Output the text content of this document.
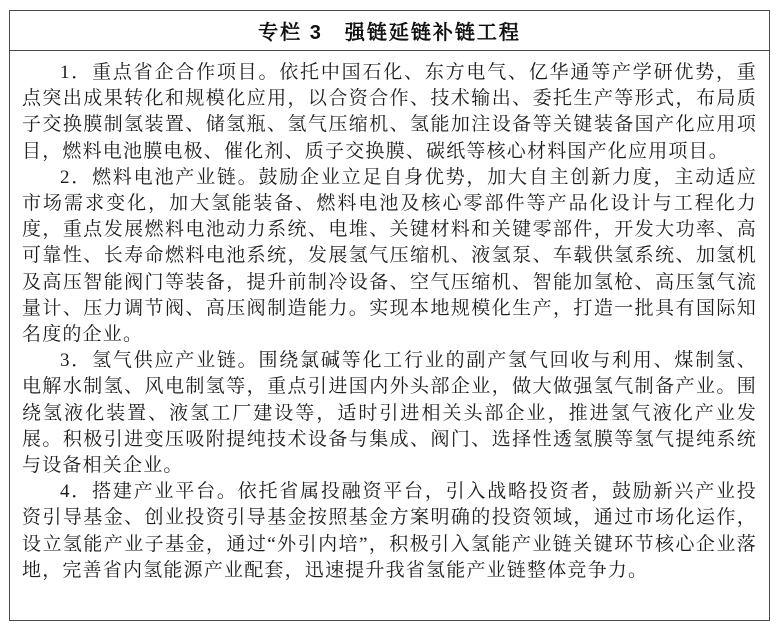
专栏 3　强链延链补链工程

1．重点省企合作项目。依托中国石化、东方电气、亿华通等产学研优势，重点突出成果转化和规模化应用，以合资合作、技术输出、委托生产等形式，布局质子交换膜制氢装置、储氢瓶、氢气压缩机、氢能加注设备等关键装备国产化应用项目，燃料电池膜电极、催化剂、质子交换膜、碳纸等核心材料国产化应用项目。

2．燃料电池产业链。鼓励企业立足自身优势，加大自主创新力度，主动适应市场需求变化，加大氢能装备、燃料电池及核心零部件等产品化设计与工程化力度，重点发展燃料电池动力系统、电堆、关键材料和关键零部件，开发大功率、高可靠性、长寿命燃料电池系统，发展氢气压缩机、液氢泵、车载供氢系统、加氢机及高压智能阀门等装备，提升前制冷设备、空气压缩机、智能加氢枪、高压氢气流量计、压力调节阀、高压阀制造能力。实现本地规模化生产，打造一批具有国际知名度的企业。

3．氢气供应产业链。围绕氯碱等化工行业的副产氢气回收与利用、煤制氢、电解水制氢、风电制氢等，重点引进国内外头部企业，做大做强氢气制备产业。围绕氢液化装置、液氢工厂建设等，适时引进相关头部企业，推进氢气液化产业发展。积极引进变压吸附提纯技术设备与集成、阀门、选择性透氢膜等氢气提纯系统与设备相关企业。

4．搭建产业平台。依托省属投融资平台，引入战略投资者，鼓励新兴产业投资引导基金、创业投资引导基金按照基金方案明确的投资领域，通过市场化运作，设立氢能产业子基金，通过“外引内培”，积极引入氢能产业链关键环节核心企业落地，完善省内氢能源产业配套，迅速提升我省氢能产业链整体竞争力。
